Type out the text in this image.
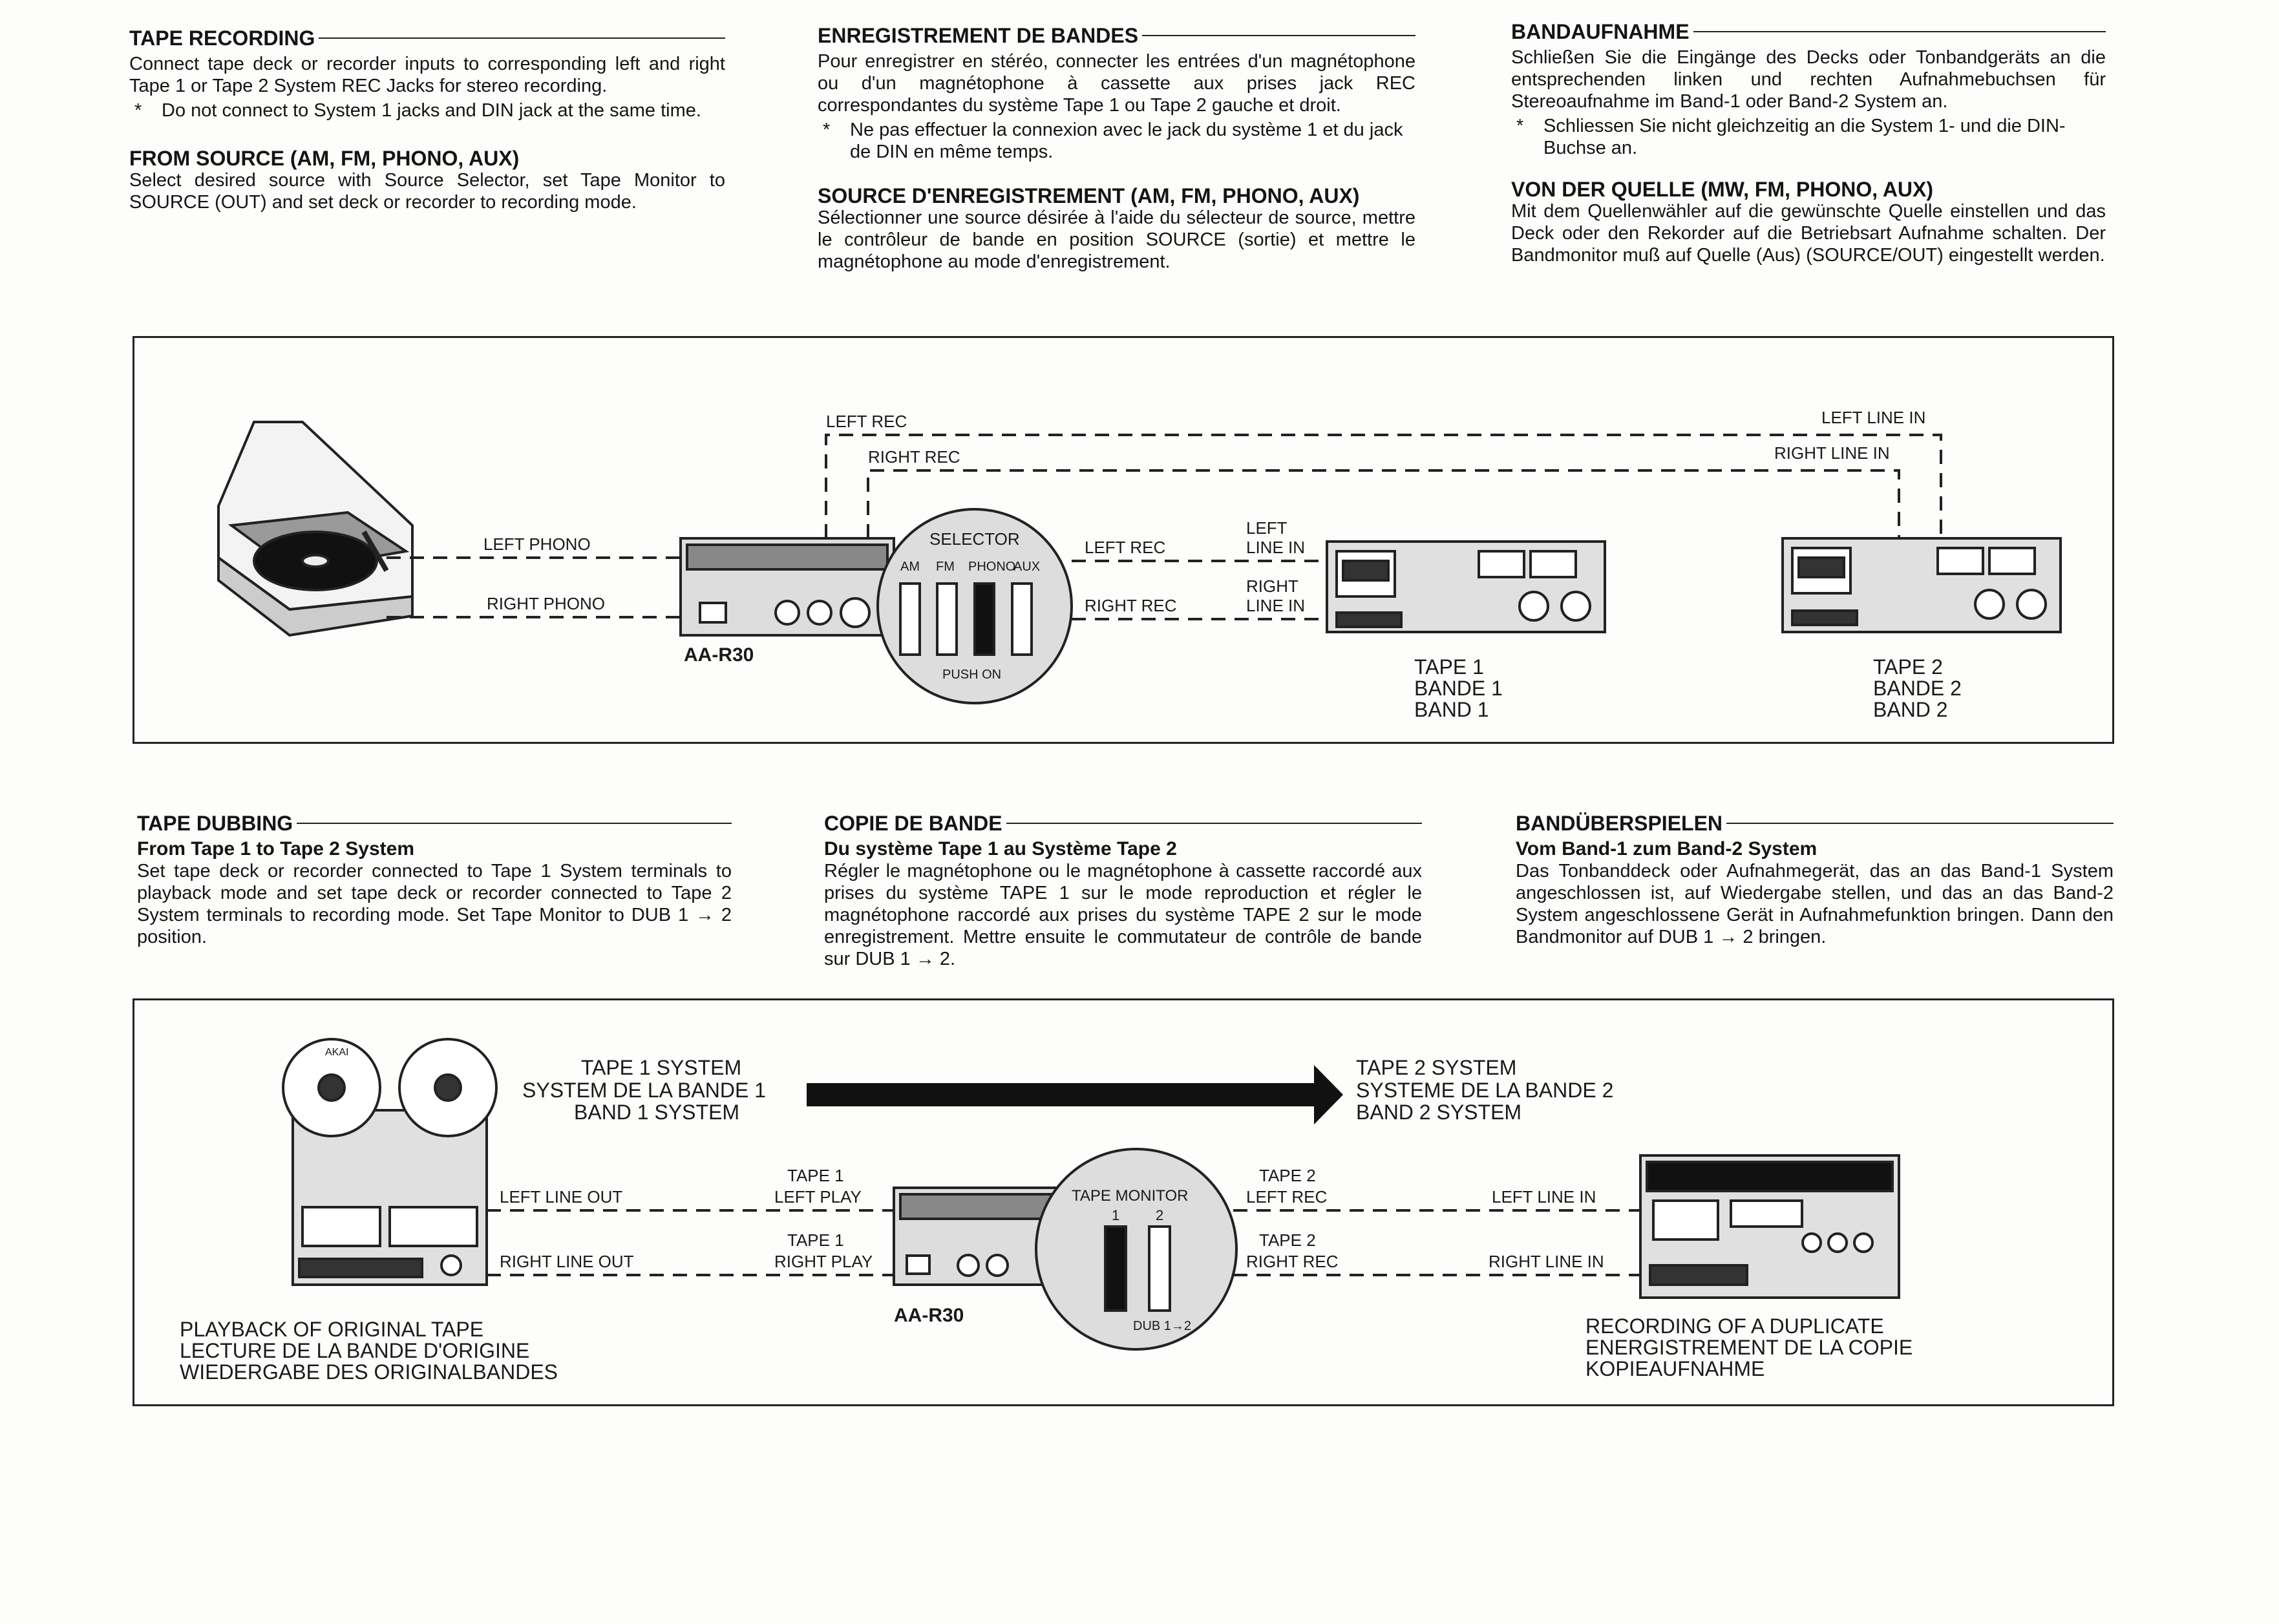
TAPE RECORDING

Connect tape deck or recorder inputs to corresponding left and right Tape 1 or Tape 2 System REC Jacks for stereo recording.

*	Do not connect to System 1 jacks and DIN jack at the same time.
FROM SOURCE (AM, FM, PHONO, AUX)

Select desired source with Source Selector, set Tape Monitor to SOURCE (OUT) and set deck or recorder to recording mode.

ENREGISTREMENT DE BANDES

Pour enregistrer en stéréo, connecter les entrées d'un magnétophone ou d'un magnétophone à cassette aux prises jack REC correspondantes du système Tape 1 ou Tape 2 gauche et droit.

*	Ne pas effectuer la connexion avec le jack du système 1 et du jack de DIN en même temps.
SOURCE D'ENREGISTREMENT (AM, FM, PHONO, AUX)

Sélectionner une source désirée à l'aide du sélecteur de source, mettre le contrôleur de bande en position SOURCE (sortie) et mettre le magnétophone au mode d'enregistrement.

BANDAUFNAHME

Schließen Sie die Eingänge des Decks oder Tonbandgeräts an die entsprechenden linken und rechten Aufnahmebuchsen für Stereoaufnahme im Band-1 oder Band-2 System an.

*	Schliessen Sie nicht gleichzeitig an die System 1- und die DIN-Buchse an.
VON DER QUELLE (MW, FM, PHONO, AUX)

Mit dem Quellenwähler auf die gewünschte Quelle einstellen und das Deck oder den Rekorder auf die Betriebsart Aufnahme schalten. Der Bandmonitor muß auf Quelle (Aus) (SOURCE/OUT) eingestellt werden.

LEFT PHONO
RIGHT PHONO
AA-R30
SELECTOR
AM FM PHONO
AUX
PUSH ON
LEFT REC
RIGHT REC
LEFT LINE IN
RIGHT LINE IN
LEFT REC
RIGHT REC
LEFT
LINE IN
RIGHT
LINE IN
TAPE 1
BANDE 1
BAND 1
TAPE 2
BANDE 2
BAND 2
TAPE DUBBING
From Tape 1 to Tape 2 System

Set tape deck or recorder connected to Tape 1 System terminals to playback mode and set tape deck or recorder connected to Tape 2 System terminals to recording mode. Set Tape Monitor to DUB 1 → 2 position.

COPIE DE BANDE
Du système Tape 1 au Système Tape 2

Régler le magnétophone ou le magnétophone à cassette raccordé aux prises du système TAPE 1 sur le mode reproduction et régler le magnétophone raccordé aux prises du système TAPE 2 sur le mode enregistrement. Mettre ensuite le commutateur de contrôle de bande sur DUB 1 → 2.

BANDÜBERSPIELEN
Vom Band-1 zum Band-2 System

Das Tonbanddeck oder Aufnahmegerät, das an das Band-1 System angeschlossen ist, auf Wiedergabe stellen, und das an das Band-2 System angeschlossene Gerät in Aufnahmefunktion bringen. Dann den Bandmonitor auf DUB 1 → 2 bringen.

AKAI
TAPE 1 SYSTEM
SYSTEM DE LA BANDE 1
BAND 1 SYSTEM
TAPE 2 SYSTEM
SYSTEME DE LA BANDE 2
BAND 2 SYSTEM
LEFT LINE OUT
RIGHT LINE OUT
TAPE 1
LEFT PLAY
TAPE 1
RIGHT PLAY
AA-R30
TAPE MONITOR
1	2
DUB 1→2
TAPE 2
LEFT REC
TAPE 2
RIGHT REC
LEFT LINE IN
RIGHT LINE IN
PLAYBACK OF ORIGINAL TAPE
LECTURE DE LA BANDE D'ORIGINE
WIEDERGABE DES ORIGINALBANDES
RECORDING OF A DUPLICATE
ENERGISTREMENT DE LA COPIE
KOPIEAUFNAHME
